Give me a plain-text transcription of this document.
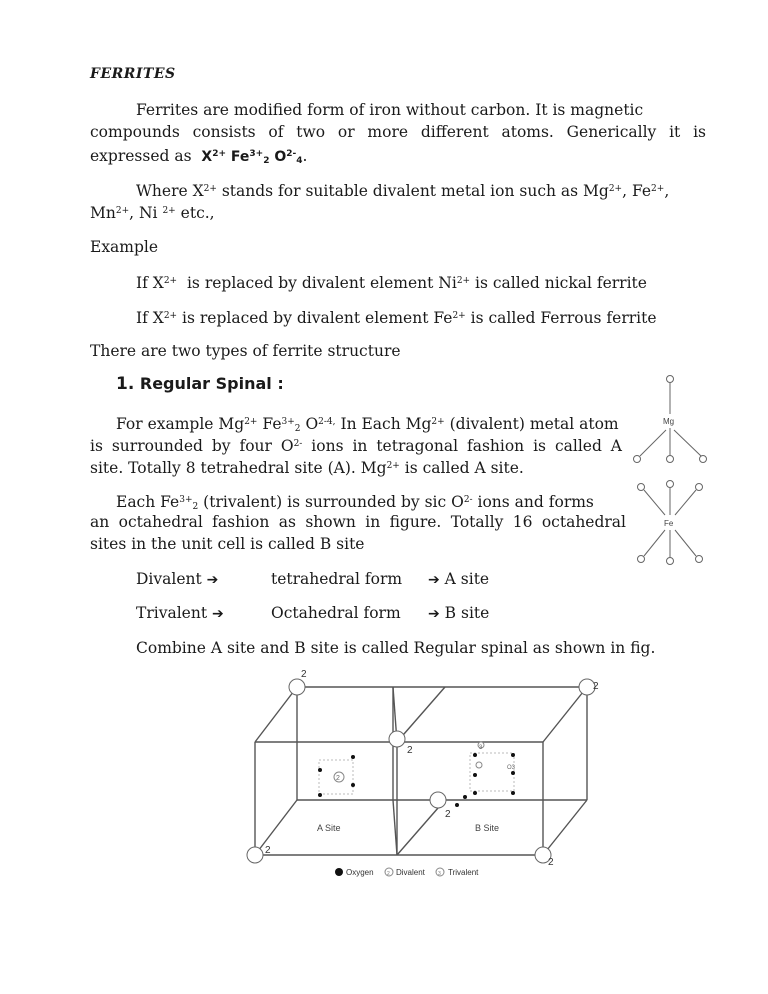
FERRITES
Ferrites are modified form of iron without carbon. It is magnetic
compounds consists of two or more different atoms. Generically it is
expressed as $X^{2+}$ $Fe^{3+}_2$ $O^{2-}_4$.
Where $X^{2+}$ stands for suitable divalent metal ion such as $Mg^{2+}$, $Fe^{2+}$,
$Mn^{2+}$, Ni $^{2+}$ etc.,
Example
If $X^{2+}$  is replaced by divalent element $Ni^{2+}$ is called nickal ferrite
If $X^{2+}$ is replaced by divalent element $Fe^{2+}$ is called Ferrous ferrite
There are two types of ferrite structure
1. Regular Spinal :
For example $Mg^{2+}$ $Fe^{3+}_2$ $O^{2-4,}$ In Each $Mg^{2+}$ (divalent) metal atom
is surrounded by four $O^{2-}$ ions in tetragonal fashion is called A
site. Totally 8 tetrahedral site (A). $Mg^{2+}$ is called A site.
Each $Fe^{3+}_2$ (trivalent) is surrounded by sic $O^{2-}$ ions and forms
an octahedral fashion as shown in figure. Totally 16 octahedral
sites in the unit cell is called B site
Divalent ➔	tetrahedral form ➔ A site
Trivalent ➔	Octahedral form ➔ B site
Combine A site and B site is called Regular spinal as shown in fig.
Mg
Fe
2
2
2
2
2
2
2
A Site
3
O3
B Site
Oxygen	2 Divalent	3 Trivalent
